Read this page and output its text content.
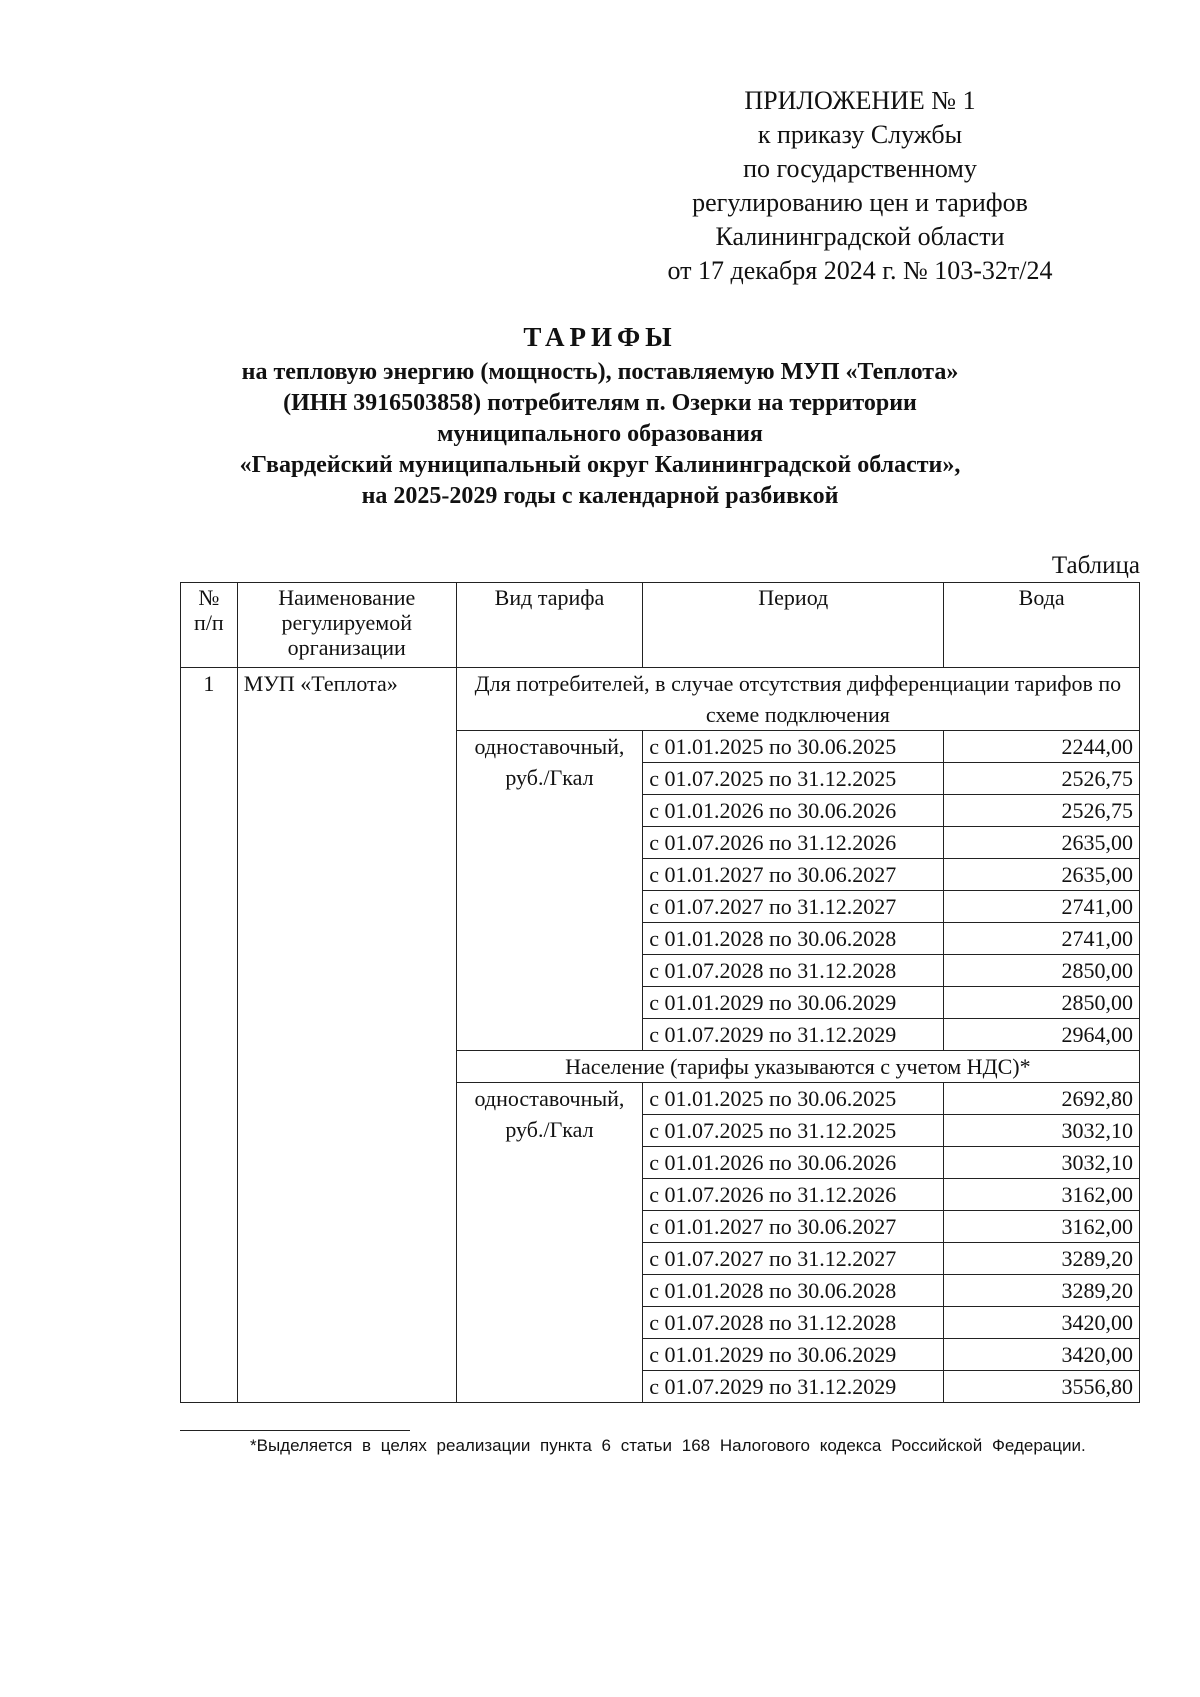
ПРИЛОЖЕНИЕ № 1
к приказу Службы
по государственному
регулированию цен и тарифов
Калининградской области
от 17 декабря 2024 г. № 103-32т/24
ТАРИФЫ
на тепловую энергию (мощность), поставляемую МУП «Теплота»
(ИНН 3916503858) потребителям п. Озерки на территории
муниципального образования
«Гвардейский муниципальный округ Калининградской области»,
на 2025-2029 годы с календарной разбивкой
Таблица
№ п/п	Наименование регулируемой организации	Вид тарифа	Период	Вода
1	МУП «Теплота»	Для потребителей, в случае отсутствия дифференциации тарифов по схеме подключения		
		одноставочный, руб./Гкал	с 01.01.2025 по 30.06.2025	2244,00
			с 01.07.2025 по 31.12.2025	2526,75
			с 01.01.2026 по 30.06.2026	2526,75
			с 01.07.2026 по 31.12.2026	2635,00
			с 01.01.2027 по 30.06.2027	2635,00
			с 01.07.2027 по 31.12.2027	2741,00
			с 01.01.2028 по 30.06.2028	2741,00
			с 01.07.2028 по 31.12.2028	2850,00
			с 01.01.2029 по 30.06.2029	2850,00
			с 01.07.2029 по 31.12.2029	2964,00
		Население (тарифы указываются с учетом НДС)*		
		одноставочный, руб./Гкал	с 01.01.2025 по 30.06.2025	2692,80
			с 01.07.2025 по 31.12.2025	3032,10
			с 01.01.2026 по 30.06.2026	3032,10
			с 01.07.2026 по 31.12.2026	3162,00
			с 01.01.2027 по 30.06.2027	3162,00
			с 01.07.2027 по 31.12.2027	3289,20
			с 01.01.2028 по 30.06.2028	3289,20
			с 01.07.2028 по 31.12.2028	3420,00
			с 01.01.2029 по 30.06.2029	3420,00
			с 01.07.2029 по 31.12.2029	3556,80
*Выделяется в целях реализации пункта 6 статьи 168 Налогового кодекса Российской Федерации.
